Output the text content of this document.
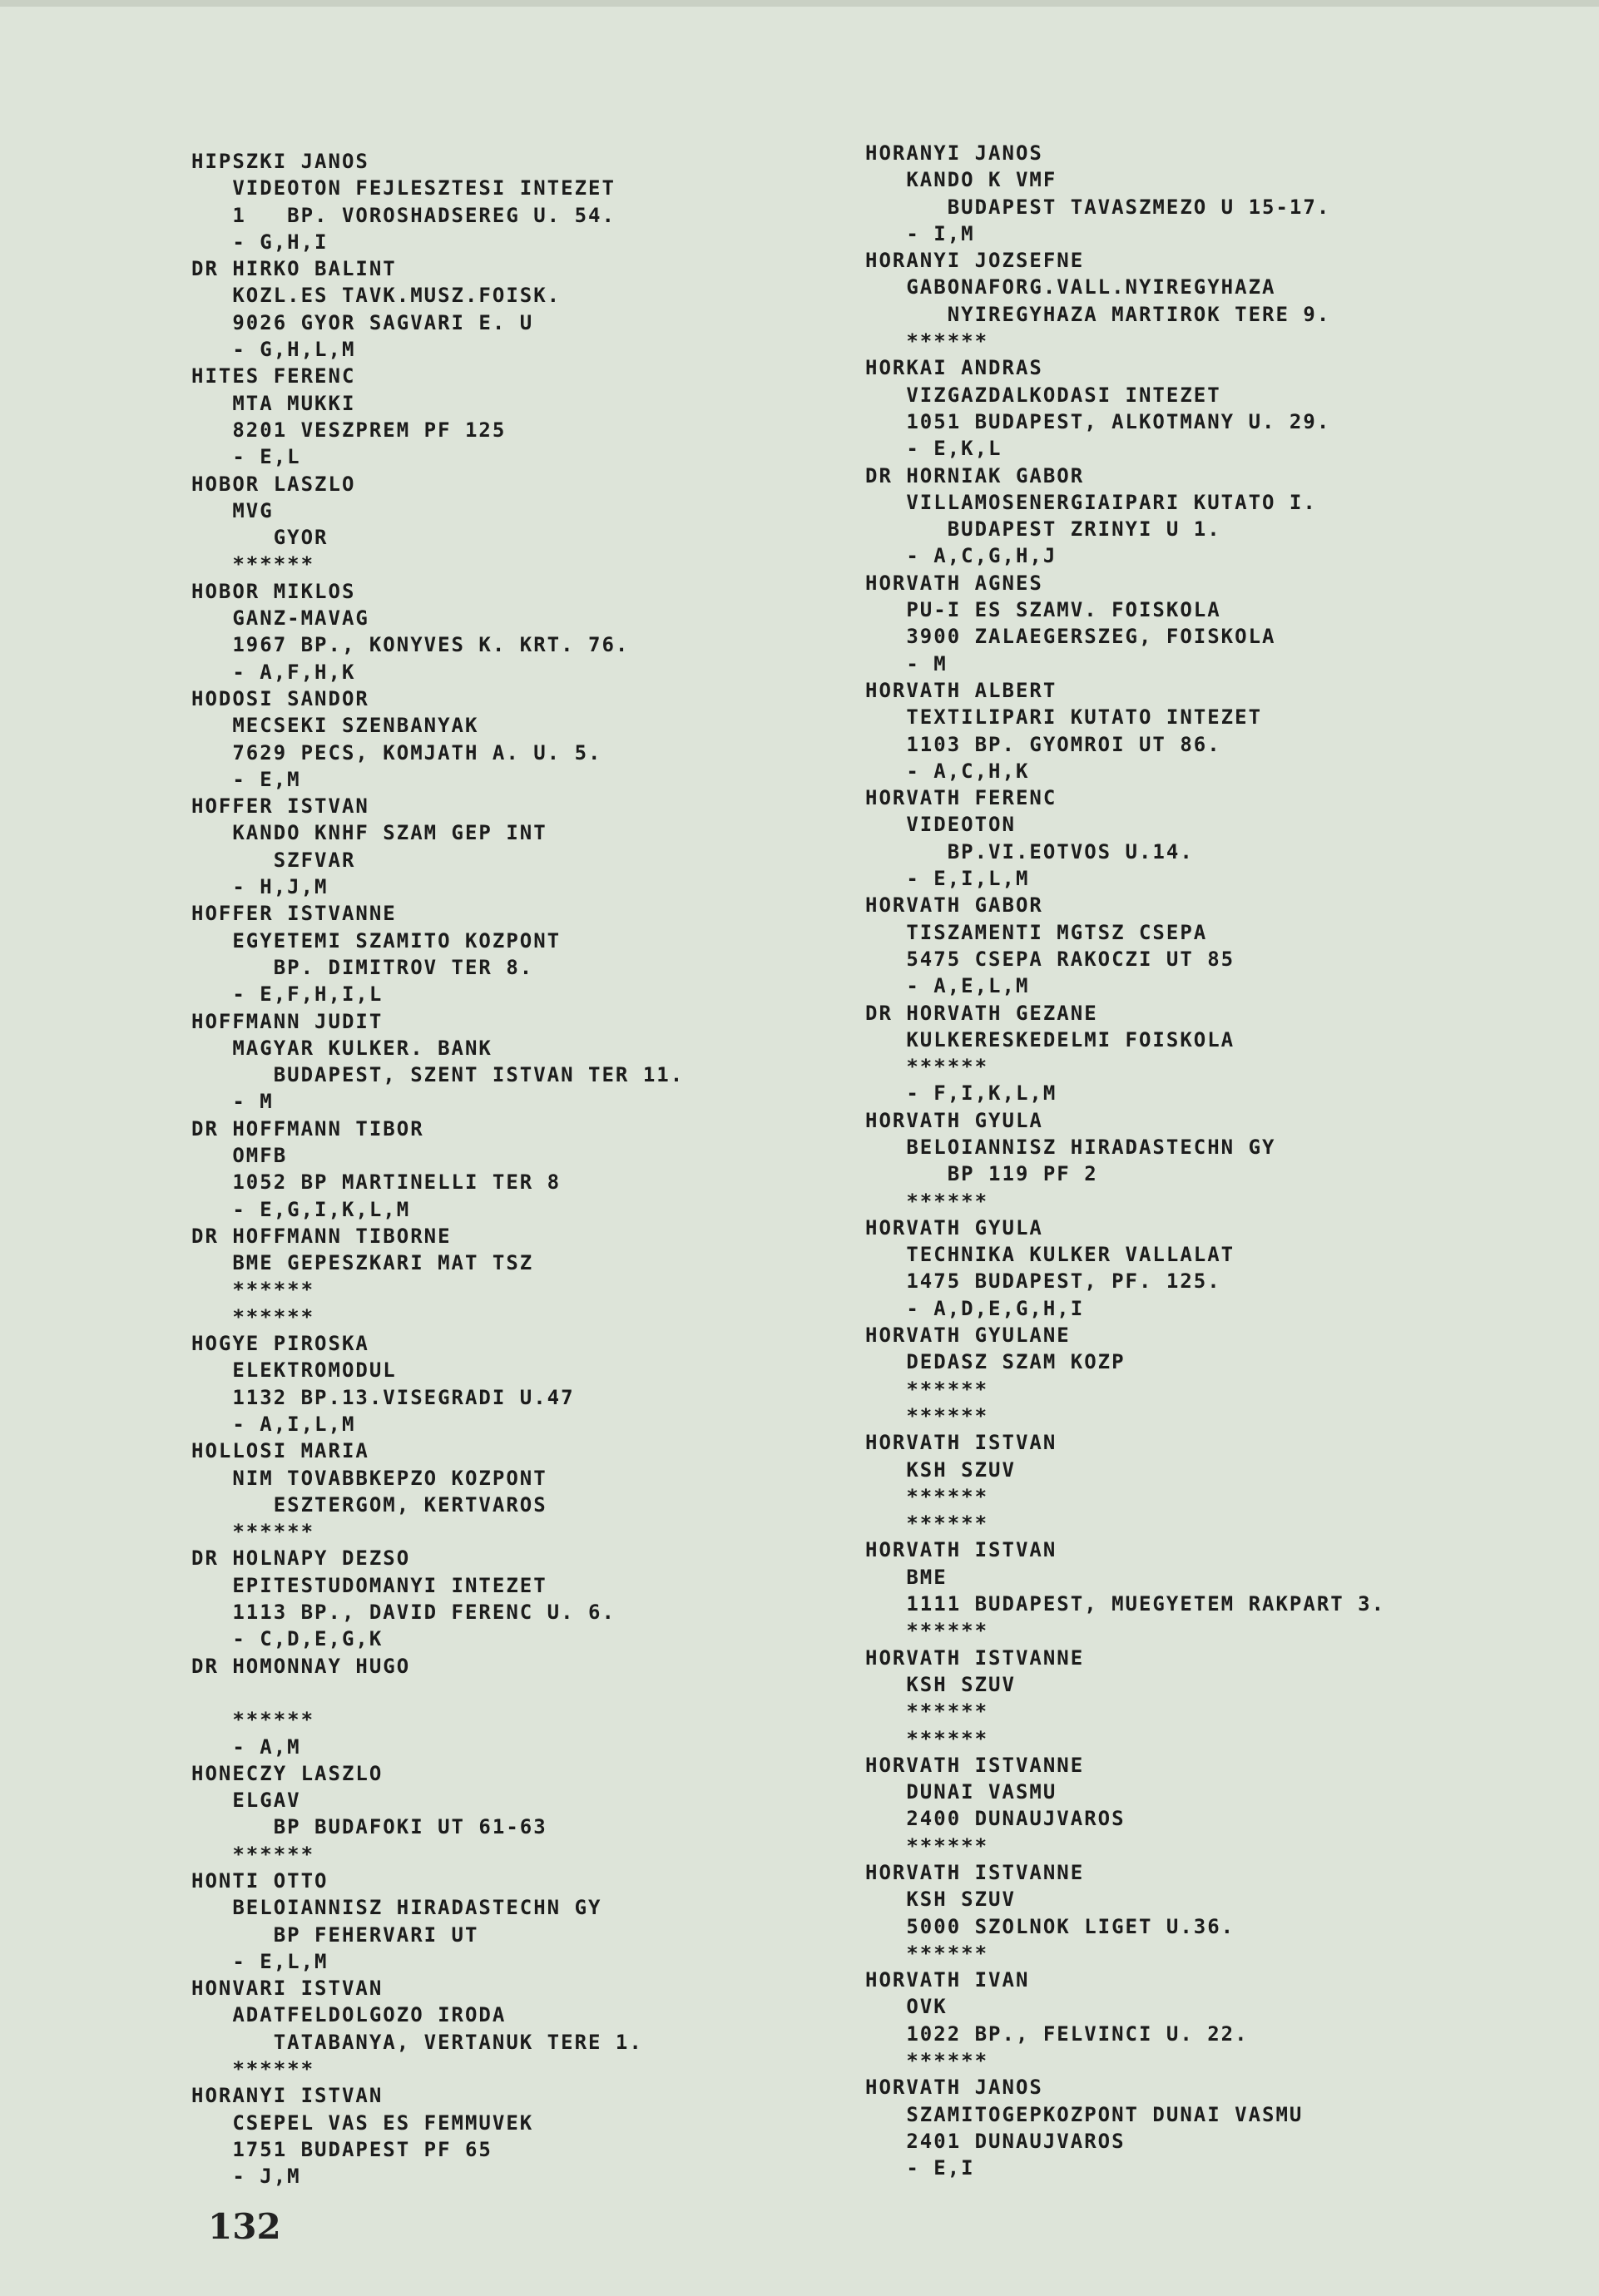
HIPSZKI JANOS
VIDEOTON FEJLESZTESI INTEZET
1   BP. VOROSHADSEREG U. 54.
- G,H,I
DR HIRKO BALINT
KOZL.ES TAVK.MUSZ.FOISK.
9026 GYOR SAGVARI E. U
- G,H,L,M
HITES FERENC
MTA MUKKI
8201 VESZPREM PF 125
- E,L
HOBOR LASZLO
MVG
GYOR
******
HOBOR MIKLOS
GANZ-MAVAG
1967 BP., KONYVES K. KRT. 76.
- A,F,H,K
HODOSI SANDOR
MECSEKI SZENBANYAK
7629 PECS, KOMJATH A. U. 5.
- E,M
HOFFER ISTVAN
KANDO KNHF SZAM GEP INT
SZFVAR
- H,J,M
HOFFER ISTVANNE
EGYETEMI SZAMITO KOZPONT
BP. DIMITROV TER 8.
- E,F,H,I,L
HOFFMANN JUDIT
MAGYAR KULKER. BANK
BUDAPEST, SZENT ISTVAN TER 11.
- M
DR HOFFMANN TIBOR
OMFB
1052 BP MARTINELLI TER 8
- E,G,I,K,L,M
DR HOFFMANN TIBORNE
BME GEPESZKARI MAT TSZ
******
******
HOGYE PIROSKA
ELEKTROMODUL
1132 BP.13.VISEGRADI U.47
- A,I,L,M
HOLLOSI MARIA
NIM TOVABBKEPZO KOZPONT
ESZTERGOM, KERTVAROS
******
DR HOLNAPY DEZSO
EPITESTUDOMANYI INTEZET
1113 BP., DAVID FERENC U. 6.
- C,D,E,G,K
DR HOMONNAY HUGO
******
- A,M
HONECZY LASZLO
ELGAV
BP BUDAFOKI UT 61-63
******
HONTI OTTO
BELOIANNISZ HIRADASTECHN GY
BP FEHERVARI UT
- E,L,M
HONVARI ISTVAN
ADATFELDOLGOZO IRODA
TATABANYA, VERTANUK TERE 1.
******
HORANYI ISTVAN
CSEPEL VAS ES FEMMUVEK
1751 BUDAPEST PF 65
- J,M
HORANYI JANOS
KANDO K VMF
BUDAPEST TAVASZMEZO U 15-17.
- I,M
HORANYI JOZSEFNE
GABONAFORG.VALL.NYIREGYHAZA
NYIREGYHAZA MARTIROK TERE 9.
******
HORKAI ANDRAS
VIZGAZDALKODASI INTEZET
1051 BUDAPEST, ALKOTMANY U. 29.
- E,K,L
DR HORNIAK GABOR
VILLAMOSENERGIAIPARI KUTATO I.
BUDAPEST ZRINYI U 1.
- A,C,G,H,J
HORVATH AGNES
PU-I ES SZAMV. FOISKOLA
3900 ZALAEGERSZEG, FOISKOLA
- M
HORVATH ALBERT
TEXTILIPARI KUTATO INTEZET
1103 BP. GYOMROI UT 86.
- A,C,H,K
HORVATH FERENC
VIDEOTON
BP.VI.EOTVOS U.14.
- E,I,L,M
HORVATH GABOR
TISZAMENTI MGTSZ CSEPA
5475 CSEPA RAKOCZI UT 85
- A,E,L,M
DR HORVATH GEZANE
KULKERESKEDELMI FOISKOLA
******
- F,I,K,L,M
HORVATH GYULA
BELOIANNISZ HIRADASTECHN GY
BP 119 PF 2
******
HORVATH GYULA
TECHNIKA KULKER VALLALAT
1475 BUDAPEST, PF. 125.
- A,D,E,G,H,I
HORVATH GYULANE
DEDASZ SZAM KOZP
******
******
HORVATH ISTVAN
KSH SZUV
******
******
HORVATH ISTVAN
BME
1111 BUDAPEST, MUEGYETEM RAKPART 3.
******
HORVATH ISTVANNE
KSH SZUV
******
******
HORVATH ISTVANNE
DUNAI VASMU
2400 DUNAUJVAROS
******
HORVATH ISTVANNE
KSH SZUV
5000 SZOLNOK LIGET U.36.
******
HORVATH IVAN
OVK
1022 BP., FELVINCI U. 22.
******
HORVATH JANOS
SZAMITOGEPKOZPONT DUNAI VASMU
2401 DUNAUJVAROS
- E,I
132
